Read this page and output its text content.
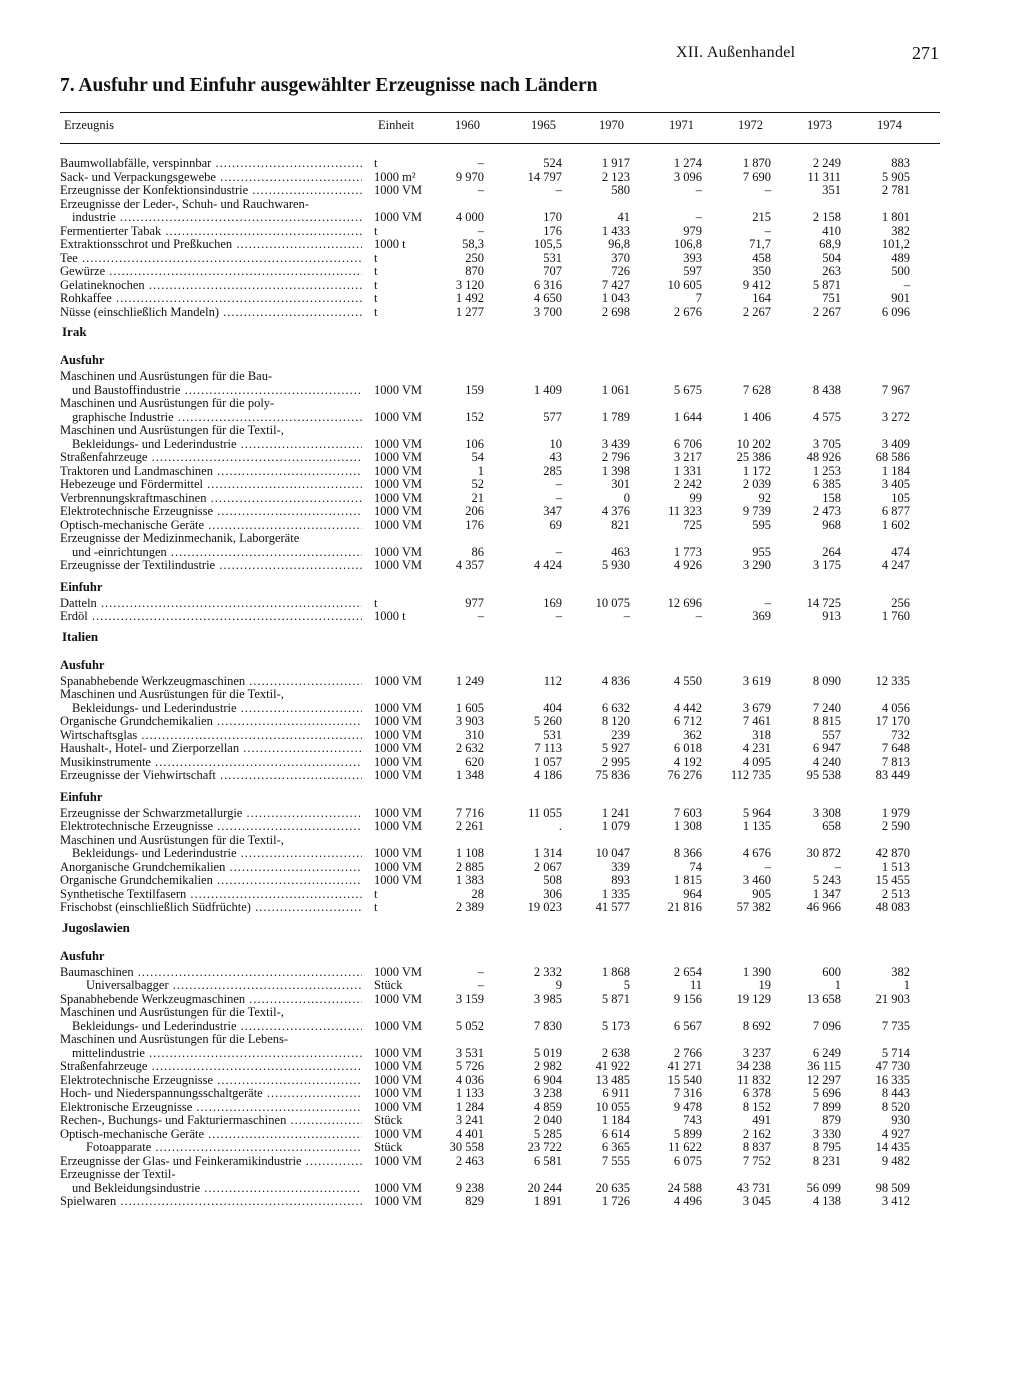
XII. Außenhandel	271
7. Ausfuhr und Einfuhr ausgewählter Erzeugnisse nach Ländern
Erzeugnis	Einheit	1960	1965	1970	1971	1972	1973	1974
Baumwollabfälle, verspinnbar .....	t	–	524	1 917	1 274	1 870	2 249	883
Sack- und Verpackungsgewebe .....	1000 m²	9 970	14 797	2 123	3 096	7 690	11 311	5 905
Erzeugnisse der Konfektionsindustrie .....	1000 VM	–	–	580	–	–	351	2 781
Erzeugnisse der Leder-, Schuh- und Rauchwaren-
industrie .....	1000 VM	4 000	170	41	–	215	2 158	1 801
Fermentierter Tabak .....	t	–	176	1 433	979	–	410	382
Extraktionsschrot und Preßkuchen .....	1000 t	58,3	105,5	96,8	106,8	71,7	68,9	101,2
Tee .....	t	250	531	370	393	458	504	489
Gewürze .....	t	870	707	726	597	350	263	500
Gelatineknochen .....	t	3 120	6 316	7 427	10 605	9 412	5 871	–
Rohkaffee .....	t	1 492	4 650	1 043	7	164	751	901
Nüsse (einschließlich Mandeln) .....	t	1 277	3 700	2 698	2 676	2 267	2 267	6 096
Irak
Ausfuhr
Maschinen und Ausrüstungen für die Bau-
und Baustoffindustrie .....	1000 VM	159	1 409	1 061	5 675	7 628	8 438	7 967
Maschinen und Ausrüstungen für die poly-
graphische Industrie .....	1000 VM	152	577	1 789	1 644	1 406	4 575	3 272
Maschinen und Ausrüstungen für die Textil-,
Bekleidungs- und Lederindustrie .....	1000 VM	106	10	3 439	6 706	10 202	3 705	3 409
Straßenfahrzeuge .....	1000 VM	54	43	2 796	3 217	25 386	48 926	68 586
Traktoren und Landmaschinen .....	1000 VM	1	285	1 398	1 331	1 172	1 253	1 184
Hebezeuge und Fördermittel .....	1000 VM	52	–	301	2 242	2 039	6 385	3 405
Verbrennungskraftmaschinen .....	1000 VM	21	–	0	99	92	158	105
Elektrotechnische Erzeugnisse .....	1000 VM	206	347	4 376	11 323	9 739	2 473	6 877
Optisch-mechanische Geräte .....	1000 VM	176	69	821	725	595	968	1 602
Erzeugnisse der Medizinmechanik, Laborgeräte
und -einrichtungen .....	1000 VM	86	–	463	1 773	955	264	474
Erzeugnisse der Textilindustrie .....	1000 VM	4 357	4 424	5 930	4 926	3 290	3 175	4 247
Einfuhr
Datteln .....	t	977	169	10 075	12 696	–	14 725	256
Erdöl .....	1000 t	–	–	–	–	369	913	1 760
Italien
Ausfuhr
Spanabhebende Werkzeugmaschinen .....	1000 VM	1 249	112	4 836	4 550	3 619	8 090	12 335
Maschinen und Ausrüstungen für die Textil-,
Bekleidungs- und Lederindustrie .....	1000 VM	1 605	404	6 632	4 442	3 679	7 240	4 056
Organische Grundchemikalien .....	1000 VM	3 903	5 260	8 120	6 712	7 461	8 815	17 170
Wirtschaftsglas .....	1000 VM	310	531	239	362	318	557	732
Haushalt-, Hotel- und Zierporzellan .....	1000 VM	2 632	7 113	5 927	6 018	4 231	6 947	7 648
Musikinstrumente .....	1000 VM	620	1 057	2 995	4 192	4 095	4 240	7 813
Erzeugnisse der Viehwirtschaft .....	1000 VM	1 348	4 186	75 836	76 276	112 735	95 538	83 449
Einfuhr
Erzeugnisse der Schwarzmetallurgie .....	1000 VM	7 716	11 055	1 241	7 603	5 964	3 308	1 979
Elektrotechnische Erzeugnisse .....	1000 VM	2 261	.	1 079	1 308	1 135	658	2 590
Maschinen und Ausrüstungen für die Textil-,
Bekleidungs- und Lederindustrie .....	1000 VM	1 108	1 314	10 047	8 366	4 676	30 872	42 870
Anorganische Grundchemikalien .....	1000 VM	2 885	2 067	339	74	–	–	1 513
Organische Grundchemikalien .....	1000 VM	1 383	508	893	1 815	3 460	5 243	15 455
Synthetische Textilfasern .....	t	28	306	1 335	964	905	1 347	2 513
Frischobst (einschließlich Südfrüchte) .....	t	2 389	19 023	41 577	21 816	57 382	46 966	48 083
Jugoslawien
Ausfuhr
Baumaschinen .....	1000 VM	–	2 332	1 868	2 654	1 390	600	382
Universalbagger .....	Stück	–	9	5	11	19	1	1
Spanabhebende Werkzeugmaschinen .....	1000 VM	3 159	3 985	5 871	9 156	19 129	13 658	21 903
Maschinen und Ausrüstungen für die Textil-,
Bekleidungs- und Lederindustrie .....	1000 VM	5 052	7 830	5 173	6 567	8 692	7 096	7 735
Maschinen und Ausrüstungen für die Lebens-
mittelindustrie .....	1000 VM	3 531	5 019	2 638	2 766	3 237	6 249	5 714
Straßenfahrzeuge .....	1000 VM	5 726	2 982	41 922	41 271	34 238	36 115	47 730
Elektrotechnische Erzeugnisse .....	1000 VM	4 036	6 904	13 485	15 540	11 832	12 297	16 335
Hoch- und Niederspannungsschaltgeräte .....	1000 VM	1 133	3 238	6 911	7 316	6 378	5 696	8 443
Elektronische Erzeugnisse .....	1000 VM	1 284	4 859	10 055	9 478	8 152	7 899	8 520
Rechen-, Buchungs- und Fakturiermaschinen .....	Stück	3 241	2 040	1 184	743	491	879	930
Optisch-mechanische Geräte .....	1000 VM	4 401	5 285	6 614	5 899	2 162	3 330	4 927
Fotoapparate .....	Stück	30 558	23 722	6 365	11 622	8 837	8 795	14 435
Erzeugnisse der Glas- und Feinkeramikindustrie .....	1000 VM	2 463	6 581	7 555	6 075	7 752	8 231	9 482
Erzeugnisse der Textil-
und Bekleidungsindustrie .....	1000 VM	9 238	20 244	20 635	24 588	43 731	56 099	98 509
Spielwaren .....	1000 VM	829	1 891	1 726	4 496	3 045	4 138	3 412
